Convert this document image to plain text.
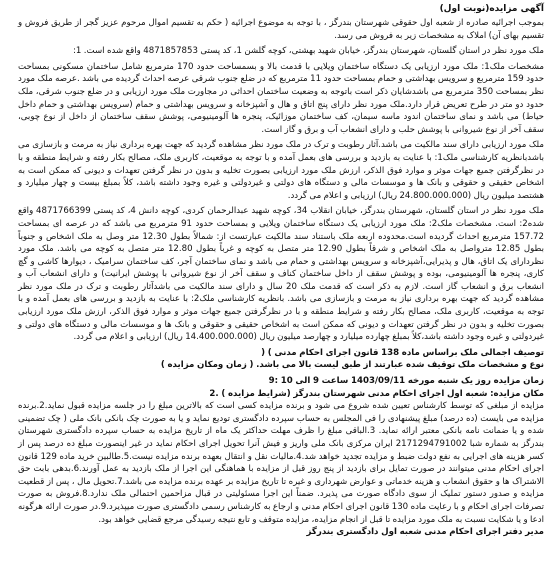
آگهی مزایده(نوبت اول)

بموجب اجرائیه صادره از شعبه اول حقوقی شهرستان بندرگز ، با توجه به موضوع اجرائیه ( حکم به تقسیم اموال مرحوم عزیز گجر از طریق فروش و تقسیم بهای آن) املاک به مشخصات زیر به فروش می رسد.

ملک مورد نظر در استان گلستان، شهرستان بندرگز، خیابان شهید بهشتی، کوچه گلشن 1، کد پستی 4871857853 واقع شده است. 1:

مشخصات ملک1: ملک مورد ارزیابی یک دستگاه ساختمان ویلایی با قدمت بالا و بسمساحت حدود 170 مترمربع شامل ساختمان مسکونی بمساحت حدود 159 مترمربع و سرویس بهداشتی و حمام بمساحت حدود 11 مترمربع که در ضلع جنوب شرقی عرصه احداث گردیده می باشد .عرصه ملک مورد نظر بمساحت 350 مترمربع می باشدشایان ذکر است باتوجه به وضعیت ساختمان احداثی در مجاورت ملک مورد ارزیابی و در ضلع جنوب شرقی، ملک حدود دو متر در طرح تعریض قرار دارد.ملک مورد نظر دارای پنج اتاق و هال و آشپزخانه و سرویس بهداشتی و حمام (سرویس بهداشتی و حمام داخل حیاط) می باشد و نمای ساختمان اندود ماسه سیمان، کف ساختمان موزائیک، پنجره ها آلومینیومی، پوشش سقف ساختمان از داخل از نوع چوبی، سقف آخر از نوع شیروانی با پوشش حلب و دارای انشعاب آب و برق و گاز است.

ملک مورد ارزیابی دارای سند مالکیت می باشد.آثار رطوبت و ترک در ملک مورد نظر مشاهده گردید که جهت بهره برداری نیاز به مرمت و بازسازی می باشدبانظریه کارشناسی ملک1: با عنایت به بازدید و بررسی های بعمل آمده و با توجه به موقعیت، کاربری ملک، مصالح بکار رفته و شرایط منطقه و با در نظرگرفتن جمیع جهات موثر و موارد فوق الذکر، ارزش ملک مورد ارزیابی بصورت تخلیه و بدون در نظر گرفتن تعهدات و دیونی که ممکن است به اشخاص حقیقی و حقوقی و بانک ها و موسسات مالی و دستگاه های دولتی و غیردولتی و غیره وجود داشته باشد، کلاً بمبلغ بیست و چهار میلیارد و هشتصد میلیون ریال (24.800.000.000 ریال) ارزیابی و اعلام می گردد.

ملک مورد نظر در استان گلستان، شهرستان بندرگز، خیابان انقلاب 34، کوچه شهید عبدالرحمان کردی، کوچه دانش 4، کد پستی 4871766399 واقع شده2: است. مشخصات ملک2: ملک مورد ارزیابی یک دستگاه ساختمان ویلایی و بمساحت حدود 91 مترمربع می باشد که در عرصه ای بمساحت 157.72 مترمربع احداث گردیده است.محدوده اربعه ملک باستناد سند مالکیت عبارتست از: شمالاً بطول 12.30 متر وصل به ملک اشخاص و جنوباً بطول 12.85 مترواصل به ملک اشخاص و شرقاً بطول 12.90 متر متصل به کوچه و غرباً بطول 12.80 متر متصل به کوچه می باشد. ملک مورد نظردارای یک اتاق، هال و پذیرایی،آشپزخانه و سرویس بهداشتی و حمام می باشد و نمای ساختمان آجر، کف ساختمان سرامیک ، دیوارها کاشی و گچ کاری، پنجره ها آلومینیومی، بوده و پوشش سقف از داخل ساختمان کناف و سقف آخر از نوع شیروانی با پوشش ایرانیت) و دارای انشعاب آب و انشعاب برق و انشعاب گاز است. لازم به ذکر است که قدمت ملک 20 سال و دارای سند مالکیت می باشدآثار رطوبت و ترک در ملک مورد نظر مشاهده گردید که جهت بهره برداری نیاز به مرمت و بازسازی می باشد. بانظریه کارشناسی ملک2: با عنایت به بازدید و بررسی های بعمل آمده و با توجه به موقعیت، کاربری ملک، مصالح بکار رفته و شرایط منطقه و با در نظرگرفتن جمیع جهات موثر و موارد فوق الذکر، ارزش ملک مورد ارزیابی بصورت تخلیه و بدون در نظر گرفتن تعهدات و دیونی که ممکن است به اشخاص حقیقی و حقوقی و بانک ها و موسسات مالی و دستگاه های دولتی و غیردولتی و غیره وجود داشته باشد،کلاً بمبلغ چهارده میلیارد و چهارصد میلیون ریال (14.400.000.000 ریال) ارزیابی و اعلام می گردد.

توصیف اجمالی ملک براساس ماده 138 قانون اجرای احکام مدنی ) (

نوع و مشخصات ملک توقیف شده عبارتند از طبق لیست بالا می باشد. ( زمان ومکان مزایده )

زمان مزایده روز یک شنبه مورخه 1403/09/11 ساعت 9 الی 10 :9

مکان مزایده: شعبه اول اجرای احکام مدنی شهرستان بندرگز (شرایط مزایده ) .2

مزایده از مبلغی که توسط کارشناس تعیین شده شروع می شود و برنده مزایده کسی است که بالاترین مبلغ را در جلسه مزایده قبول نماید.2.برنده مزایده می بایست (ده درصد) مبلغ پیشنهادی را فی المجلس به حساب سپرده دادگستری تودیع نماید و یا به صورت چک بانکی بانک ملی ( چک تضمینی شده و یا ضمانت نامه بانکی معتبر ارائه نماید. 3.الباقی مبلغ را ظرف مهلت حداکثر یک ماه از تاریخ مزایده به حساب سپرده دادگستری شهرستان بندرگز به شماره شبا 2171294791002 ایران مرکزی بانک ملی واریز و فیش آنرا تحویل اجرای احکام نماید در غیر اینصورت مبلغ ده درصد پس از کسر هزینه های اجرایی به نفع دولت ضبط و مزایده تجدید خواهد شد.4.مالیات نقل و انتقال بعهده برنده مزایده نیست.5.طالبین خرید ماده 129 قانون اجرای احکام مدنی میتوانند در صورت تمایل برای بازدید از پنج روز قبل از مزایده با هماهنگی این اجرا از ملک بازدید به عمل آورند.6.بدهی بابت حق الاشتراک ها و حقوق انشعاب و هزینه خدماتی و عوارض شهرداری و غیره تا تاریخ مزایده بر عهده برنده مزایده می باشد.7.تحویل مال ، پس از قطعیت مزایده و صدور دستور تملیک از سوی دادگاه صورت می پذیرد. ضمناً این اجرا مسئولیتی در قبال مزاحمین احتمالی ملک ندارد.8.فروش به صورت تصرفات اجرای احکام و با رعایت ماده 130 قانون اجرای احکام مدنی و ارجاع به کارشناس رسمی دادگستری صورت میپذیرد.9.در صورت ارائه هرگونه ادعا و یا شکایت نسبت به ملک مورد مزایده تا قبل از انجام مزایده، مزایده متوقف و تابع نتیجه رسیدگی مرجع قضایی خواهد بود.

مدیر دفتر اجرای احکام مدنی شعبه اول دادگستری بندرگز
